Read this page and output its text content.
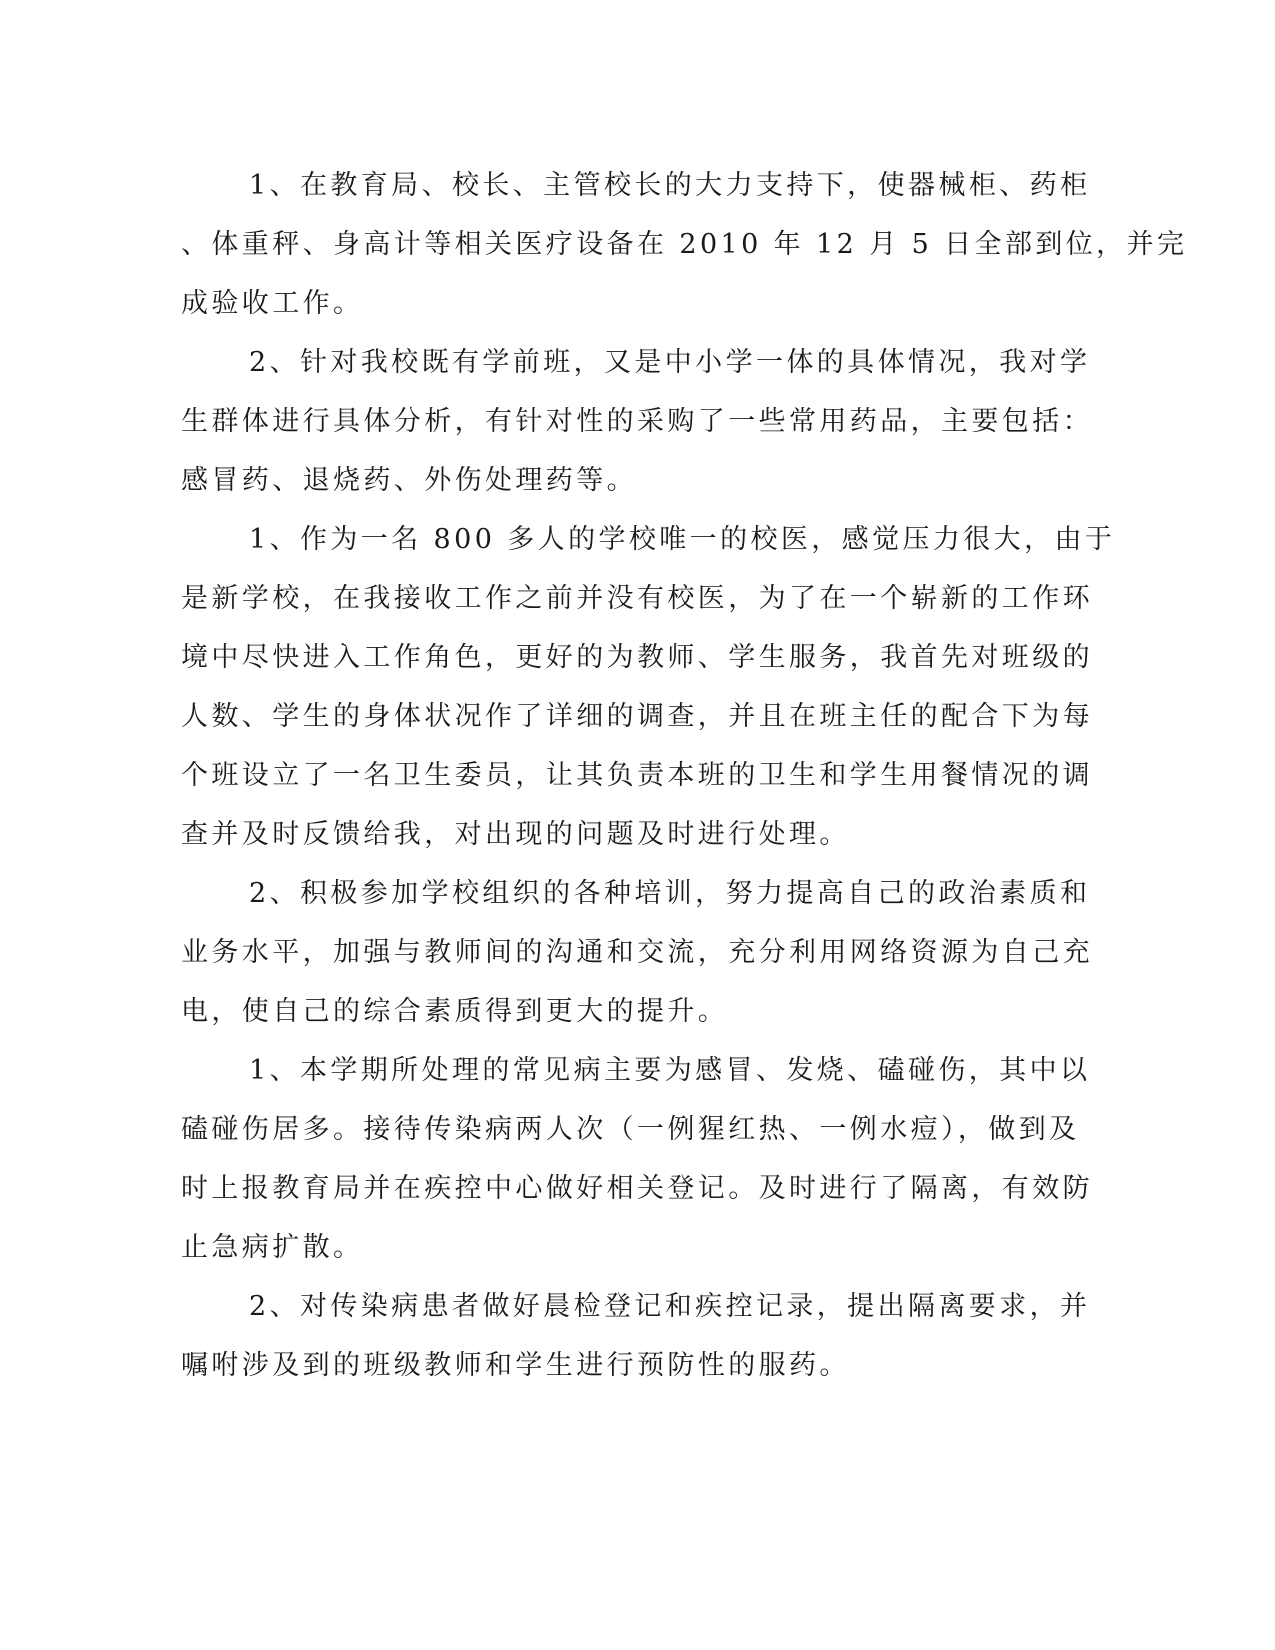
1、在教育局、校长、主管校长的大力支持下，使器械柜、药柜
、体重秤、身高计等相关医疗设备在 2010 年 12 月 5 日全部到位，并完
成验收工作。
2、针对我校既有学前班，又是中小学一体的具体情况，我对学
生群体进行具体分析，有针对性的采购了一些常用药品，主要包括：
感冒药、退烧药、外伤处理药等。
1、作为一名 800 多人的学校唯一的校医，感觉压力很大，由于
是新学校，在我接收工作之前并没有校医，为了在一个崭新的工作环
境中尽快进入工作角色，更好的为教师、学生服务，我首先对班级的
人数、学生的身体状况作了详细的调查，并且在班主任的配合下为每
个班设立了一名卫生委员，让其负责本班的卫生和学生用餐情况的调
查并及时反馈给我，对出现的问题及时进行处理。
2、积极参加学校组织的各种培训，努力提高自己的政治素质和
业务水平，加强与教师间的沟通和交流，充分利用网络资源为自己充
电，使自己的综合素质得到更大的提升。
1、本学期所处理的常见病主要为感冒、发烧、磕碰伤，其中以
磕碰伤居多。接待传染病两人次（一例猩红热、一例水痘），做到及
时上报教育局并在疾控中心做好相关登记。及时进行了隔离，有效防
止急病扩散。
2、对传染病患者做好晨检登记和疾控记录，提出隔离要求，并
嘱咐涉及到的班级教师和学生进行预防性的服药。
